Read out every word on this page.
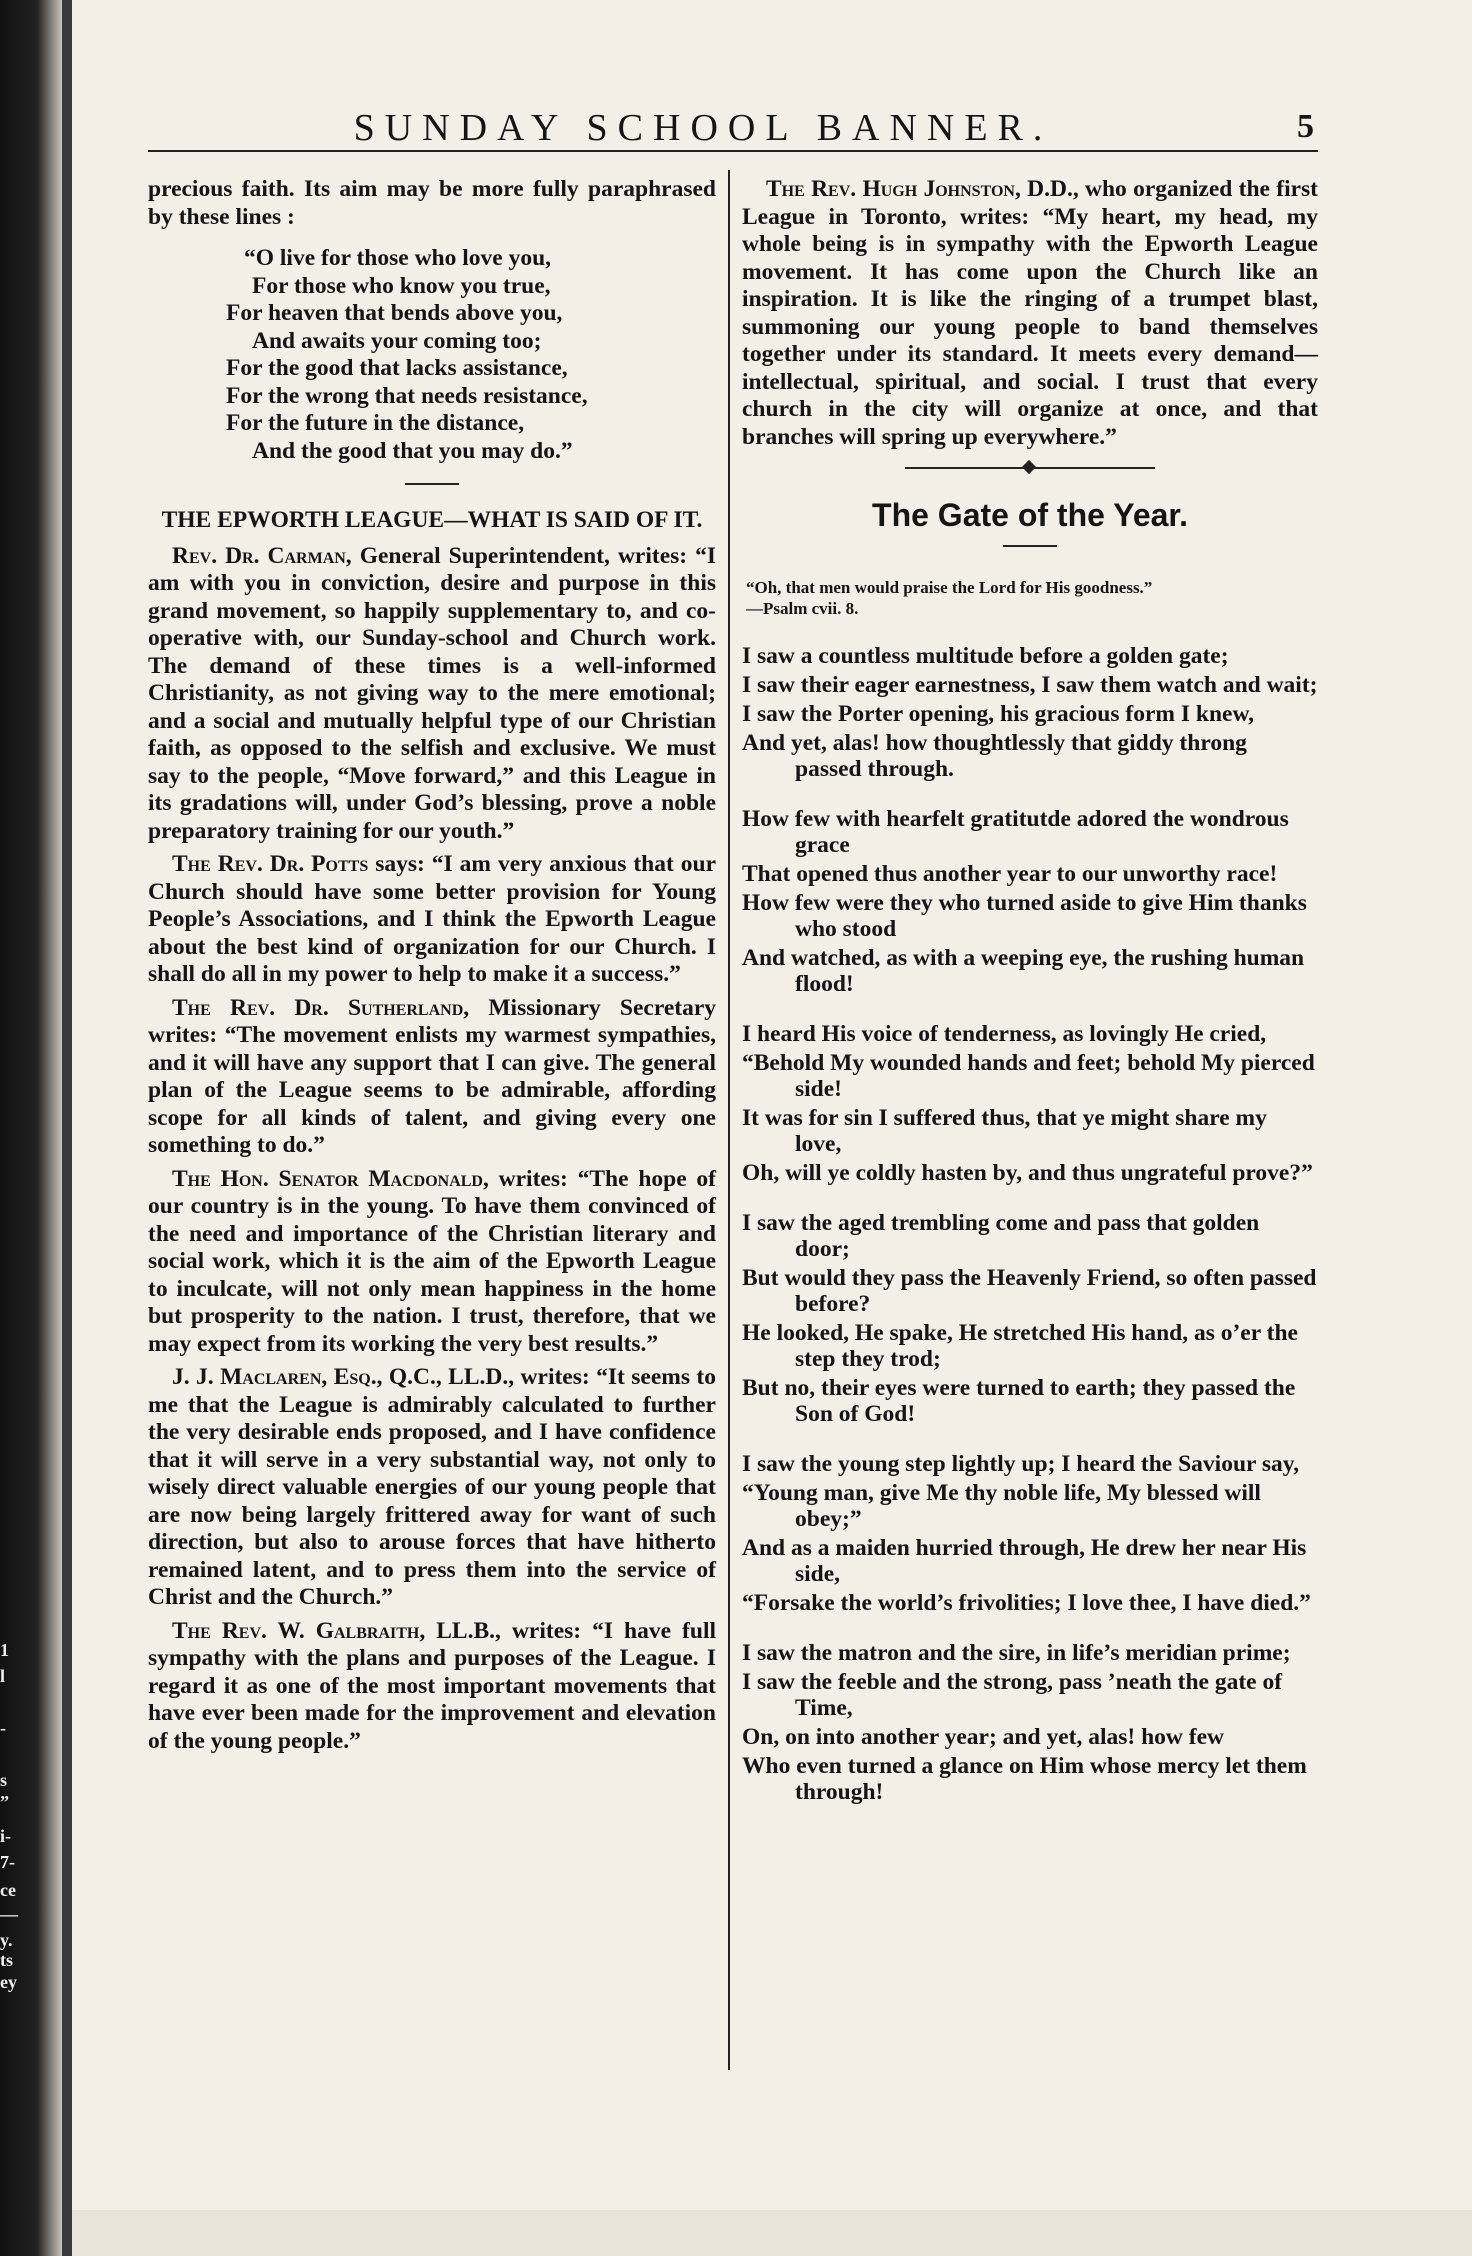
1
l
-
s
”
i-
7-
ce
—
y.
ts
ey
SUNDAY SCHOOL BANNER.	5

precious faith. Its aim may be more fully paraphrased by these lines :

“O live for those who love you,
For those who know you true,
For heaven that bends above you,
And awaits your coming too;
For the good that lacks assistance,
For the wrong that needs resistance,
For the future in the distance,
And the good that you may do.”
THE EPWORTH LEAGUE—WHAT IS SAID OF IT.

Rev. Dr. Carman, General Superintendent, writes: “I am with you in conviction, desire and purpose in this grand movement, so happily supplementary to, and co-operative with, our Sunday-school and Church work. The demand of these times is a well-informed Christianity, as not giving way to the mere emotional; and a social and mutually helpful type of our Christian faith, as opposed to the selfish and exclusive. We must say to the people, “Move forward,” and this League in its gradations will, under God’s blessing, prove a noble preparatory training for our youth.”

The Rev. Dr. Potts says: “I am very anxious that our Church should have some better provision for Young People’s Associations, and I think the Epworth League about the best kind of organization for our Church. I shall do all in my power to help to make it a success.”

The Rev. Dr. Sutherland, Missionary Secretary writes: “The movement enlists my warmest sympathies, and it will have any support that I can give. The general plan of the League seems to be admirable, affording scope for all kinds of talent, and giving every one something to do.”

The Hon. Senator Macdonald, writes: “The hope of our country is in the young. To have them convinced of the need and importance of the Christian literary and social work, which it is the aim of the Epworth League to inculcate, will not only mean happiness in the home but prosperity to the nation. I trust, therefore, that we may expect from its working the very best results.”

J. J. Maclaren, Esq., Q.C., LL.D., writes: “It seems to me that the League is admirably calculated to further the very desirable ends proposed, and I have confidence that it will serve in a very substantial way, not only to wisely direct valuable energies of our young people that are now being largely frittered away for want of such direction, but also to arouse forces that have hitherto remained latent, and to press them into the service of Christ and the Church.”

The Rev. W. Galbraith, LL.B., writes: “I have full sympathy with the plans and purposes of the League. I regard it as one of the most important movements that have ever been made for the improvement and elevation of the young people.”

The Rev. Hugh Johnston, D.D., who organized the first League in Toronto, writes: “My heart, my head, my whole being is in sympathy with the Epworth League movement. It has come upon the Church like an inspiration. It is like the ringing of a trumpet blast, summoning our young people to band themselves together under its standard. It meets every demand—intellectual, spiritual, and social. I trust that every church in the city will organize at once, and that branches will spring up everywhere.”

The Gate of the Year.
“Oh, that men would praise the Lord for His goodness.”
—Psalm cvii. 8.
I saw a countless multitude before a golden gate;
I saw their eager earnestness, I saw them watch and wait;
I saw the Porter opening, his gracious form I knew,
And yet, alas! how thoughtlessly that giddy throng passed through.
How few with hearfelt gratitutde adored the wondrous grace
That opened thus another year to our unworthy race!
How few were they who turned aside to give Him thanks who stood
And watched, as with a weeping eye, the rushing human flood!
I heard His voice of tenderness, as lovingly He cried,
“Behold My wounded hands and feet; behold My pierced side!
It was for sin I suffered thus, that ye might share my love,
Oh, will ye coldly hasten by, and thus ungrateful prove?”
I saw the aged trembling come and pass that golden door;
But would they pass the Heavenly Friend, so often passed before?
He looked, He spake, He stretched His hand, as o’er the step they trod;
But no, their eyes were turned to earth; they passed the Son of God!
I saw the young step lightly up; I heard the Saviour say,
“Young man, give Me thy noble life, My blessed will obey;”
And as a maiden hurried through, He drew her near His side,
“Forsake the world’s frivolities; I love thee, I have died.”
I saw the matron and the sire, in life’s meridian prime;
I saw the feeble and the strong, pass ’neath the gate of Time,
On, on into another year; and yet, alas! how few
Who even turned a glance on Him whose mercy let them through!
